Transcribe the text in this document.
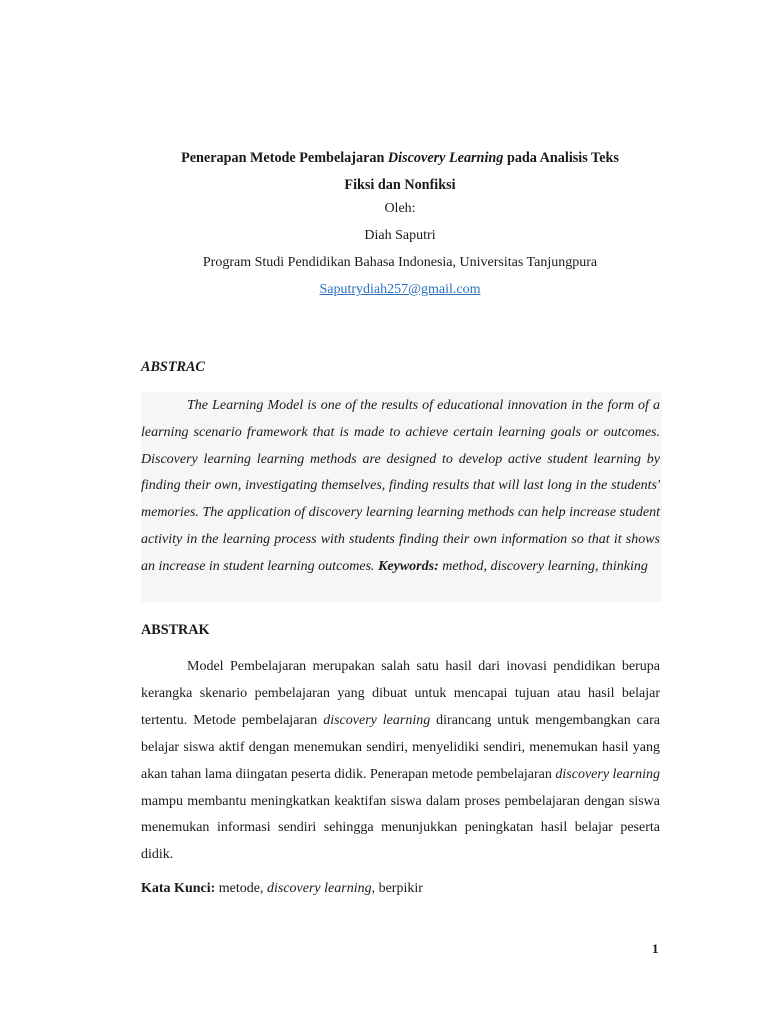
Penerapan Metode Pembelajaran Discovery Learning pada Analisis Teks
Fiksi dan Nonfiksi
Oleh:
Diah Saputri
Program Studi Pendidikan Bahasa Indonesia, Universitas Tanjungpura
Saputrydiah257@gmail.com
ABSTRAC
The Learning Model is one of the results of educational innovation in the form of a learning scenario framework that is made to achieve certain learning goals or outcomes. Discovery learning learning methods are designed to develop active student learning by finding their own, investigating themselves, finding results that will last long in the students' memories. The application of discovery learning learning methods can help increase student activity in the learning process with students finding their own information so that it shows an increase in student learning outcomes. Keywords: method, discovery learning, thinking
ABSTRAK
Model Pembelajaran merupakan salah satu hasil dari inovasi pendidikan berupa kerangka skenario pembelajaran yang dibuat untuk mencapai tujuan atau hasil belajar tertentu. Metode pembelajaran discovery learning dirancang untuk mengembangkan cara belajar siswa aktif dengan menemukan sendiri, menyelidiki sendiri, menemukan hasil yang akan tahan lama diingatan peserta didik. Penerapan metode pembelajaran discovery learning mampu membantu meningkatkan keaktifan siswa dalam proses pembelajaran dengan siswa menemukan informasi sendiri sehingga menunjukkan peningkatan hasil belajar peserta didik.
Kata Kunci: metode, discovery learning, berpikir
1
